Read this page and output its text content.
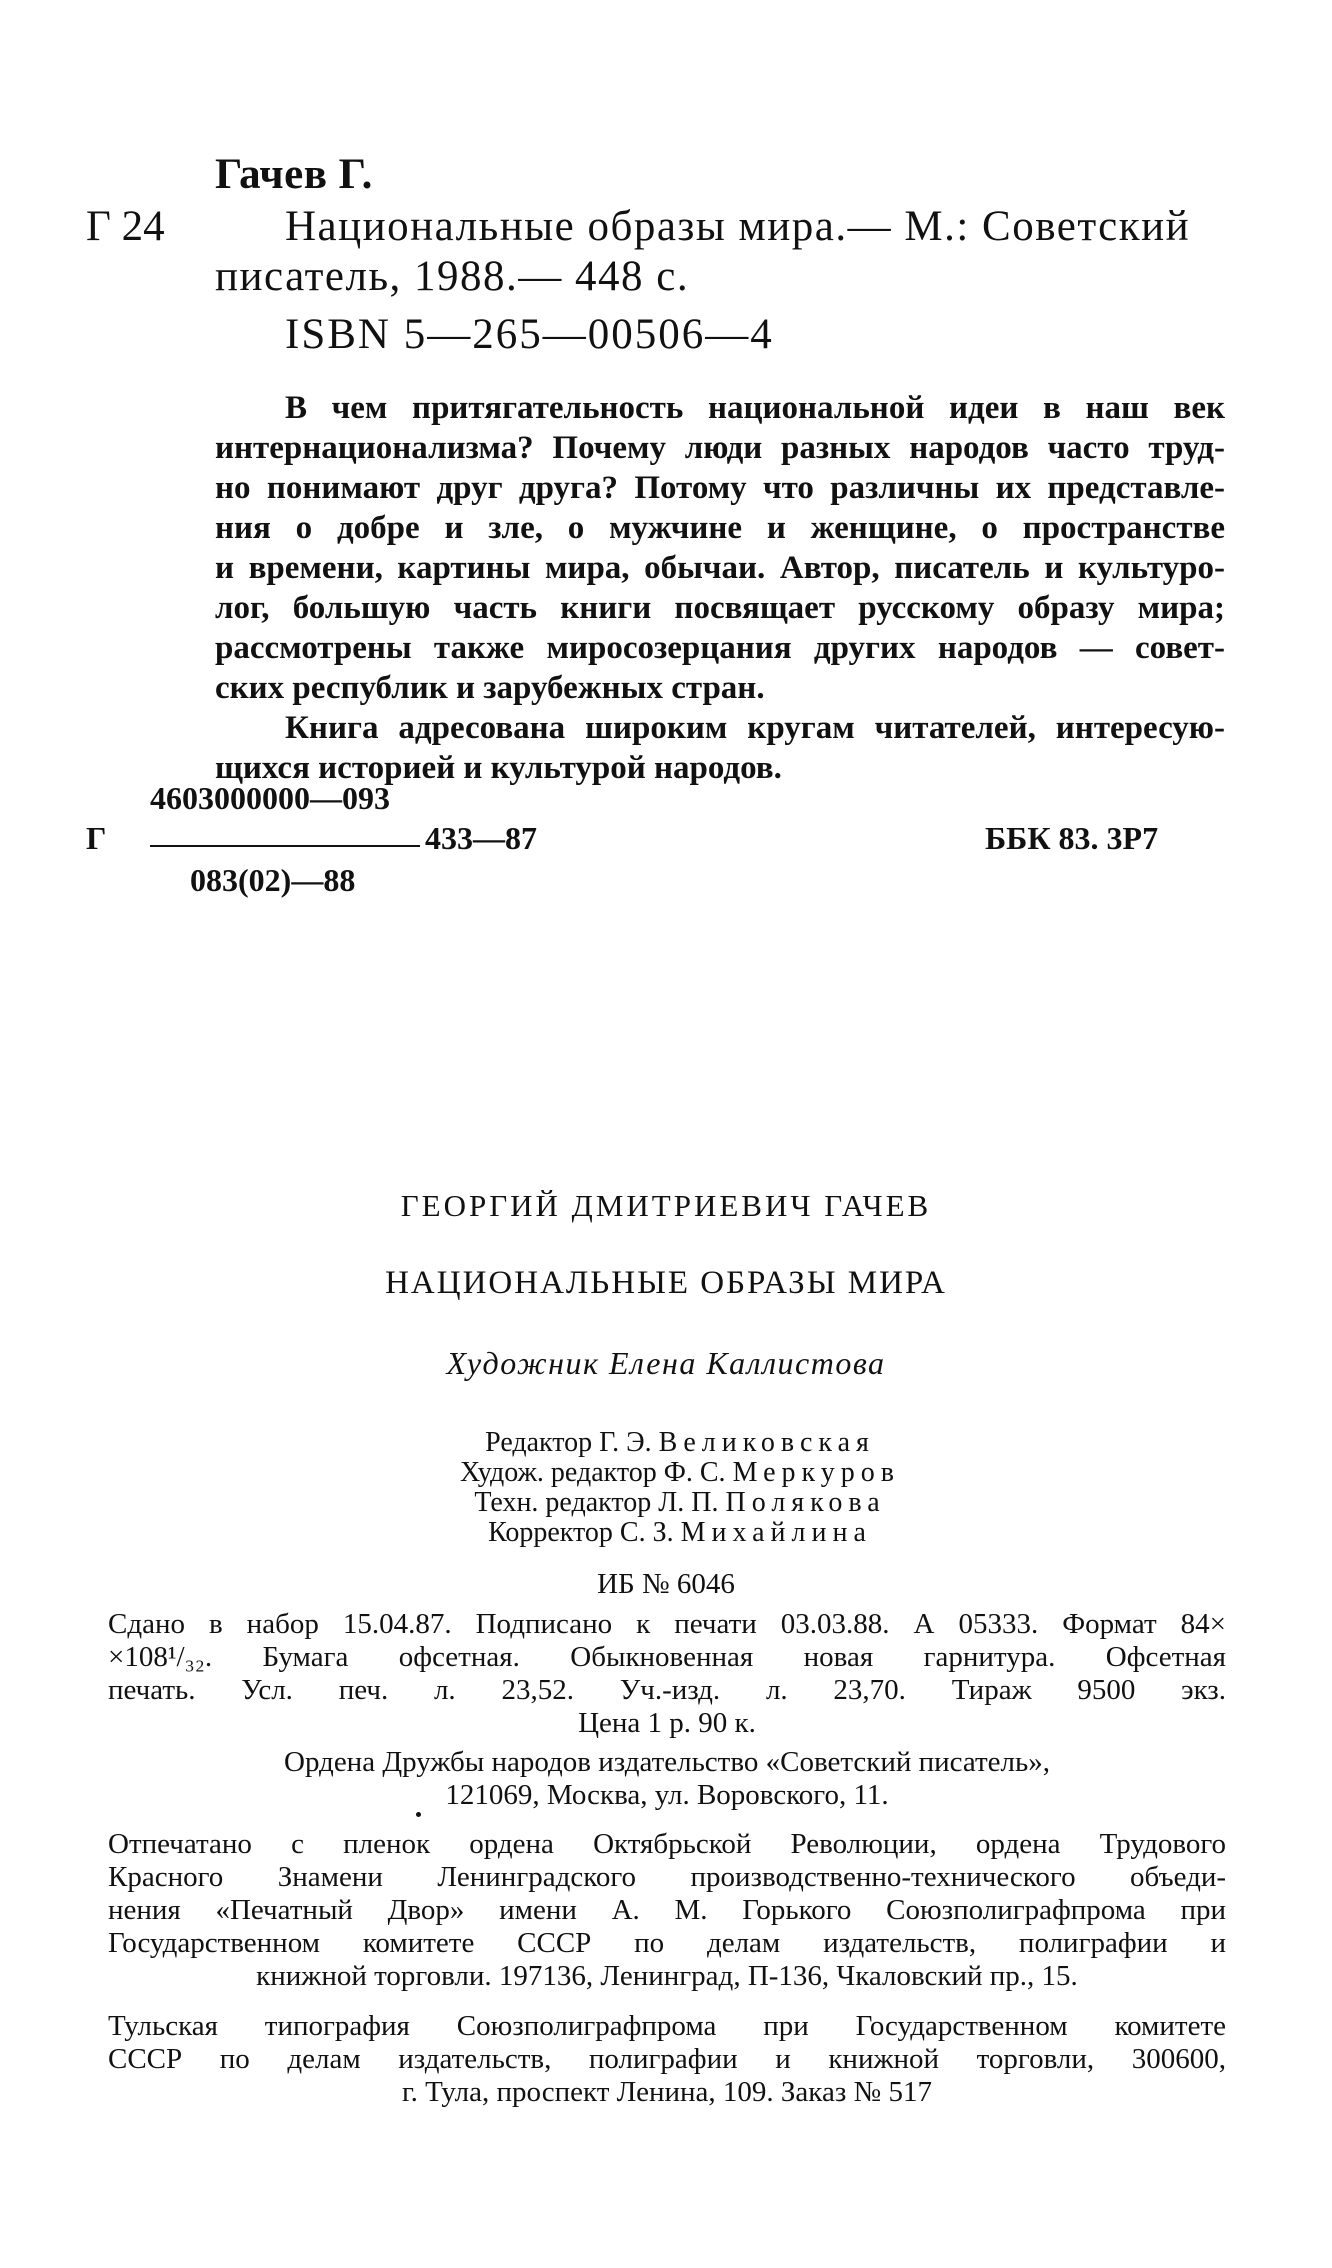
Гачев Г.
Г 24	Национальные образы мира.— М.: Советский
писатель, 1988.— 448 с.
ISBN 5—265—00506—4
В чем притягательность национальной идеи в наш век
интернационализма? Почему люди разных народов часто труд-
но понимают друг друга? Потому что различны их представле-
ния о добре и зле, о мужчине и женщине, о пространстве
и времени, картины мира, обычаи. Автор, писатель и культуро-
лог, большую часть книги посвящает русскому образу мира;
рассмотрены также миросозерцания других народов — совет-
ских республик и зарубежных стран.
Книга адресована широким кругам читателей, интересую-
щихся историей и культурой народов.
4603000000—093
Г	433—87
083(02)—88
ББК 83. 3Р7
ГЕОРГИЙ ДМИТРИЕВИЧ ГАЧЕВ
НАЦИОНАЛЬНЫЕ ОБРАЗЫ МИРА
Художник Елена Каллистова
Редактор Г. Э. Великовская
Худож. редактор Ф. С. Меркуров
Техн. редактор Л. П. Полякова
Корректор С. З. Михайлина
ИБ № 6046
Сдано в набор 15.04.87. Подписано к печати 03.03.88. А 05333. Формат 84×
×108¹/₃₂. Бумага офсетная. Обыкновенная новая гарнитура. Офсетная
печать. Усл. печ. л. 23,52. Уч.-изд. л. 23,70. Тираж 9500 экз.
Цена 1 р. 90 к.
Ордена Дружбы народов издательство «Советский писатель»,
121069, Москва, ул. Воровского, 11.
Отпечатано с пленок ордена Октябрьской Революции, ордена Трудового
Красного Знамени Ленинградского производственно-технического объеди-
нения «Печатный Двор» имени А. М. Горького Союзполиграфпрома при
Государственном комитете СССР по делам издательств, полиграфии и
книжной торговли. 197136, Ленинград, П-136, Чкаловский пр., 15.
Тульская типография Союзполиграфпрома при Государственном комитете
СССР по делам издательств, полиграфии и книжной торговли, 300600,
г. Тула, проспект Ленина, 109. Заказ № 517
